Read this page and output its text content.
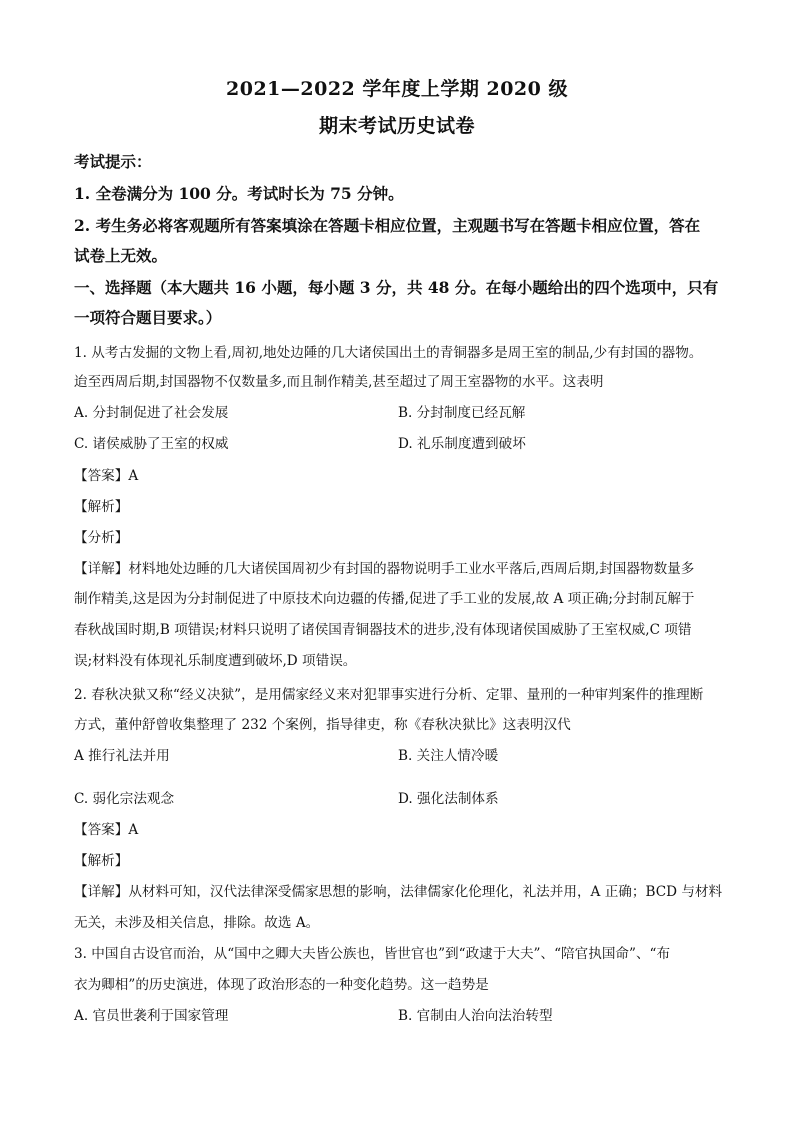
2021—2022 学年度上学期 2020 级
期末考试历史试卷
考试提示：
1. 全卷满分为 100 分。考试时长为 75 分钟。
2. 考生务必将客观题所有答案填涂在答题卡相应位置，主观题书写在答题卡相应位置，答在
试卷上无效。
一、选择题（本大题共 16 小题，每小题 3 分，共 48 分。在每小题给出的四个选项中，只有
一项符合题目要求。）
1. 从考古发掘的文物上看,周初,地处边陲的几大诸侯国出土的青铜器多是周王室的制品,少有封国的器物。
迨至西周后期,封国器物不仅数量多,而且制作精美,甚至超过了周王室器物的水平。这表明
A. 分封制促进了社会发展	B. 分封制度已经瓦解
C. 诸侯威胁了王室的权威	D. 礼乐制度遭到破坏
【答案】A
【解析】
【分析】
【详解】材料地处边睡的几大诸侯国周初少有封国的器物说明手工业水平落后,西周后期,封国器物数量多
制作精美,这是因为分封制促进了中原技术向边疆的传播,促进了手工业的发展,故 A 项正确;分封制瓦解于
春秋战国时期,B 项错误;材料只说明了诸侯国青铜器技术的进步,没有体现诸侯国威胁了王室权威,C 项错
误;材料没有体现礼乐制度遭到破坏,D 项错误。
2. 春秋决狱又称“经义决狱”，是用儒家经义来对犯罪事实进行分析、定罪、量刑的一种审判案件的推理断
方式，董仲舒曾收集整理了 232 个案例，指导律吏，称《春秋决狱比》这表明汉代
A 推行礼法并用	B. 关注人情冷暖
C. 弱化宗法观念	D. 强化法制体系
【答案】A
【解析】
【详解】从材料可知，汉代法律深受儒家思想的影响，法律儒家化伦理化，礼法并用，A 正确；BCD 与材料
无关，未涉及相关信息，排除。故选 A。
3. 中国自古设官而治，从“国中之卿大夫皆公族也，皆世官也”到“政逮于大夫”、“陪官执国命”、“布
衣为卿相”的历史演进，体现了政治形态的一种变化趋势。这一趋势是
A. 官员世袭利于国家管理	B. 官制由人治向法治转型
